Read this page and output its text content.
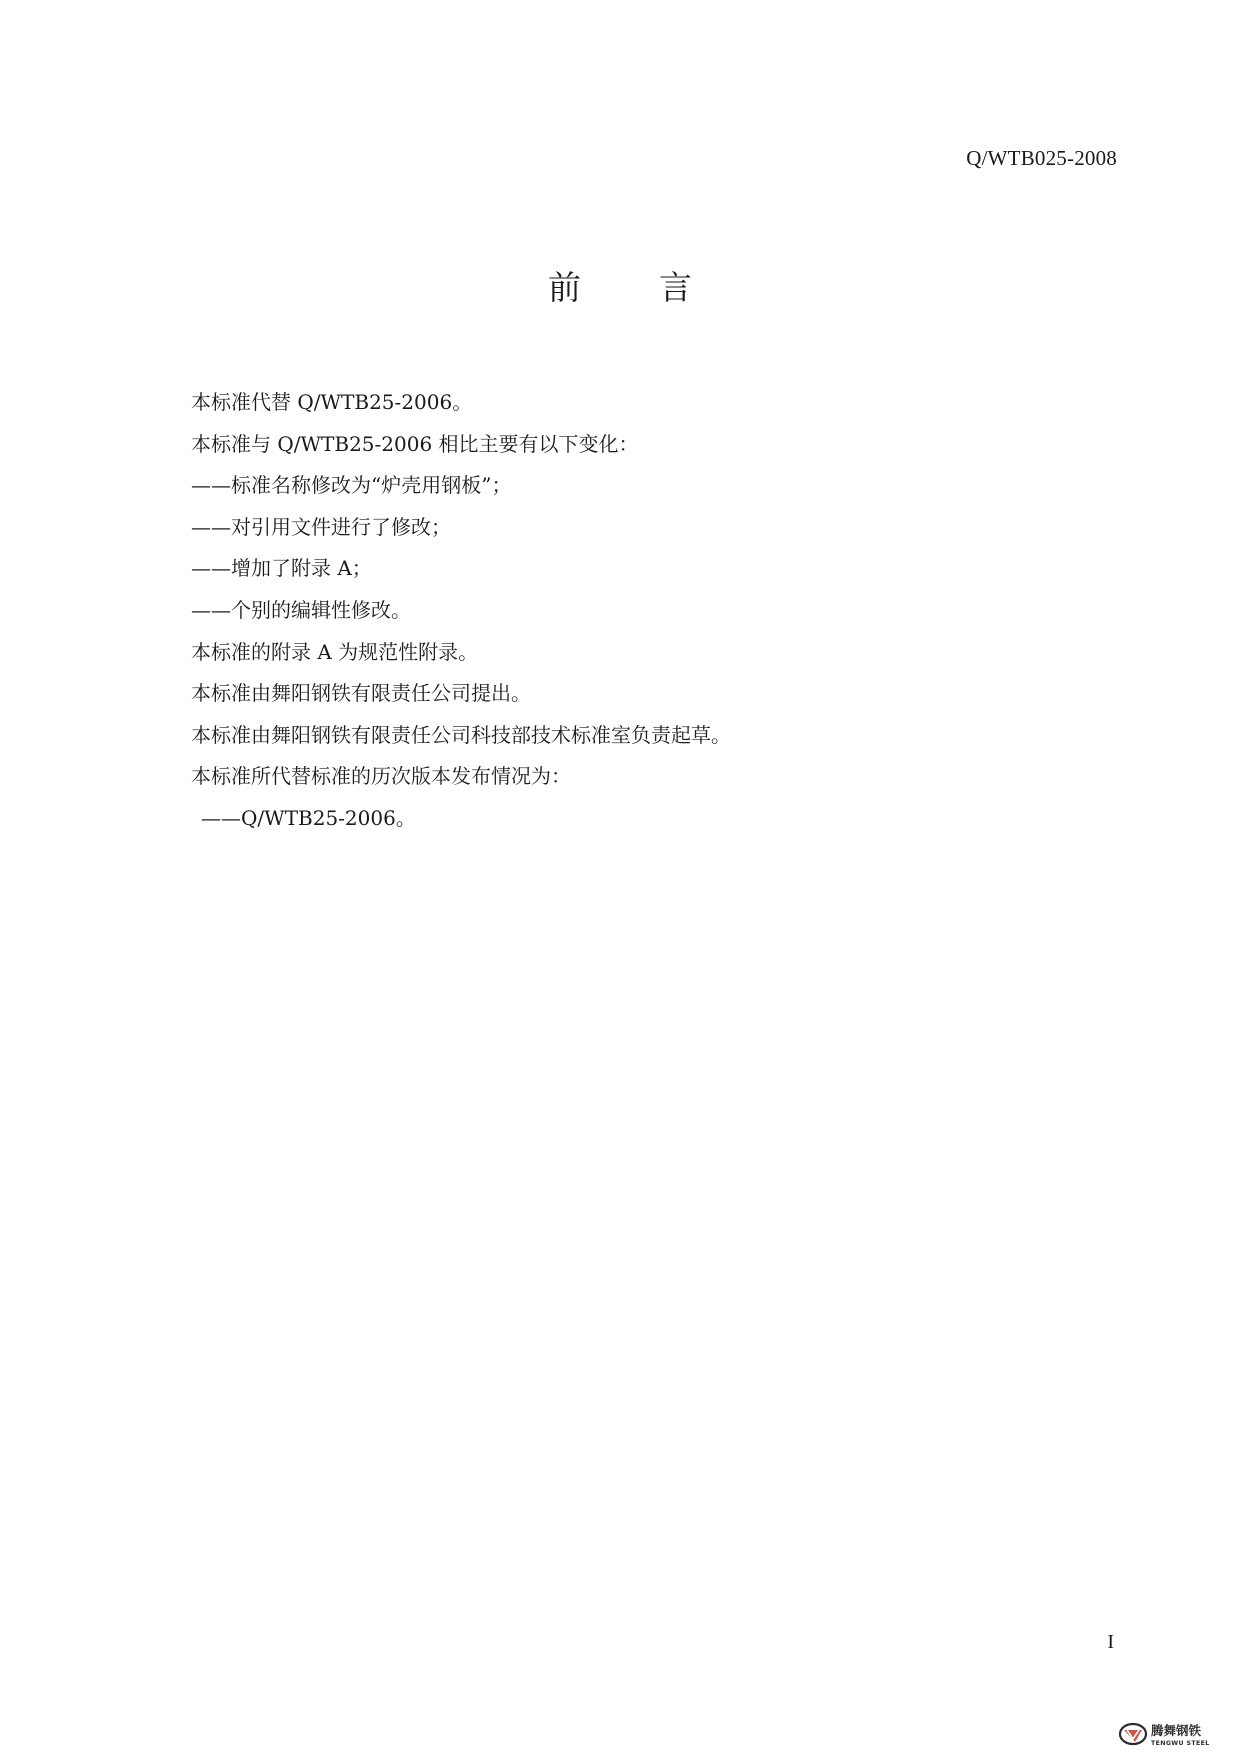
Q/WTB025-2008
前 言
本标准代替 Q/WTB25-2006。
本标准与 Q/WTB25-2006 相比主要有以下变化：
——标准名称修改为“炉壳用钢板”；
——对引用文件进行了修改；
——增加了附录 A；
——个别的编辑性修改。
本标准的附录 A 为规范性附录。
本标准由舞阳钢铁有限责任公司提出。
本标准由舞阳钢铁有限责任公司科技部技术标准室负责起草。
本标准所代替标准的历次版本发布情况为：
——Q/WTB25-2006。
I
腾舞钢铁
TENGWU STEEL
